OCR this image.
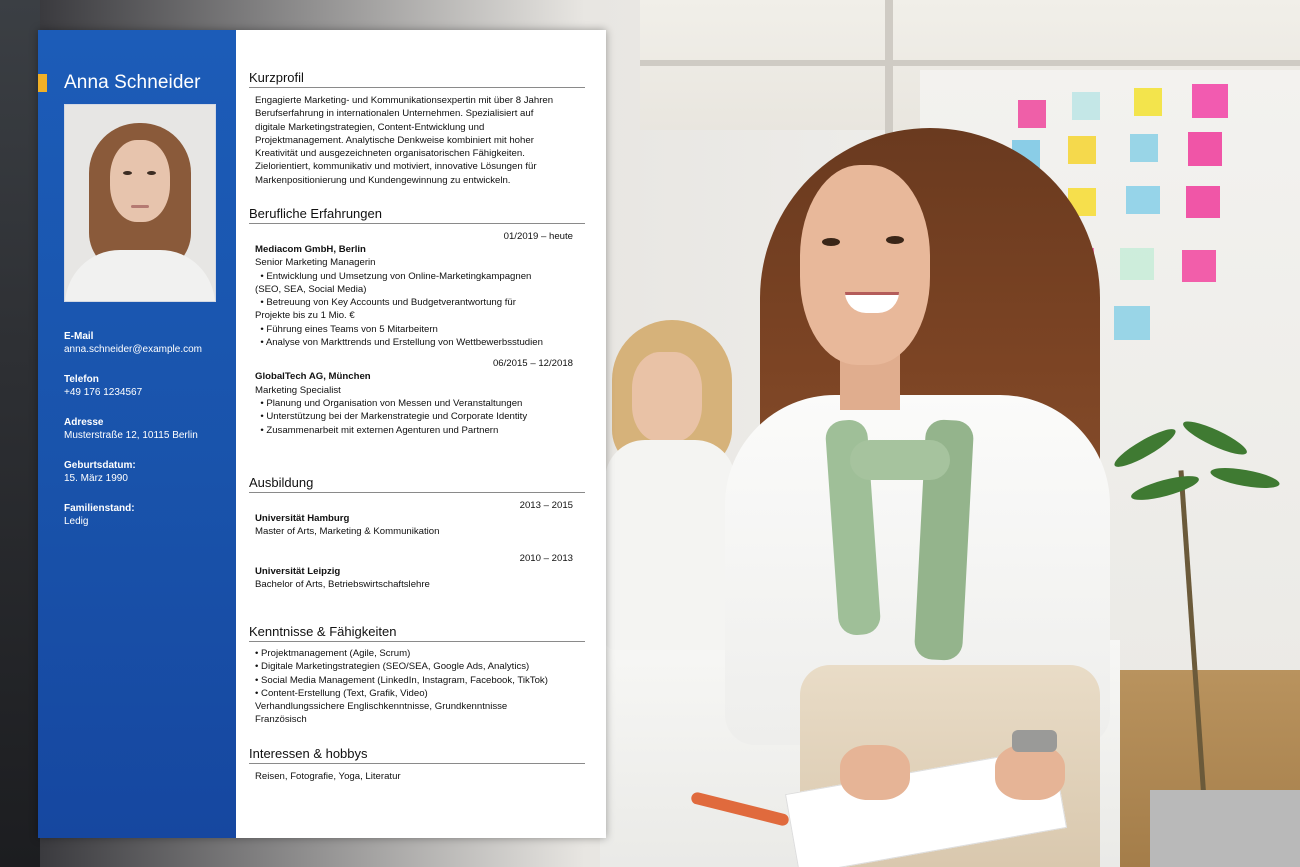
Anna Schneider
E-Mail
anna.schneider@example.com
Telefon
+49 176 1234567
Adresse
Musterstraße 12, 10115 Berlin
Geburtsdatum:
15. März 1990
Familienstand:
Ledig
Kurzprofil
Engagierte Marketing- und Kommunikationsexpertin mit über 8 Jahren
Berufserfahrung in internationalen Unternehmen. Spezialisiert auf
digitale Marketingstrategien, Content-Entwicklung und
Projektmanagement. Analytische Denkweise kombiniert mit hoher
Kreativität und ausgezeichneten organisatorischen Fähigkeiten.
Zielorientiert, kommunikativ und motiviert, innovative Lösungen für
Markenpositionierung und Kundengewinnung zu entwickeln.
Berufliche Erfahrungen
01/2019 – heute
Mediacom GmbH, Berlin
Senior Marketing Managerin
• Entwicklung und Umsetzung von Online-Marketingkampagnen
(SEO, SEA, Social Media)
• Betreuung von Key Accounts und Budgetverantwortung für
Projekte bis zu 1 Mio. €
• Führung eines Teams von 5 Mitarbeitern
• Analyse von Markttrends und Erstellung von Wettbewerbsstudien
06/2015 – 12/2018
GlobalTech AG, München
Marketing Specialist
• Planung und Organisation von Messen und Veranstaltungen
• Unterstützung bei der Markenstrategie und Corporate Identity
• Zusammenarbeit mit externen Agenturen und Partnern
Ausbildung
2013 – 2015
Universität Hamburg
Master of Arts, Marketing & Kommunikation
2010 – 2013
Universität Leipzig
Bachelor of Arts, Betriebswirtschaftslehre
Kenntnisse & Fähigkeiten
• Projektmanagement (Agile, Scrum)
• Digitale Marketingstrategien (SEO/SEA, Google Ads, Analytics)
• Social Media Management (LinkedIn, Instagram, Facebook, TikTok)
• Content-Erstellung (Text, Grafik, Video)
Verhandlungssichere Englischkenntnisse, Grundkenntnisse
Französisch
Interessen & hobbys
Reisen, Fotografie, Yoga, Literatur
